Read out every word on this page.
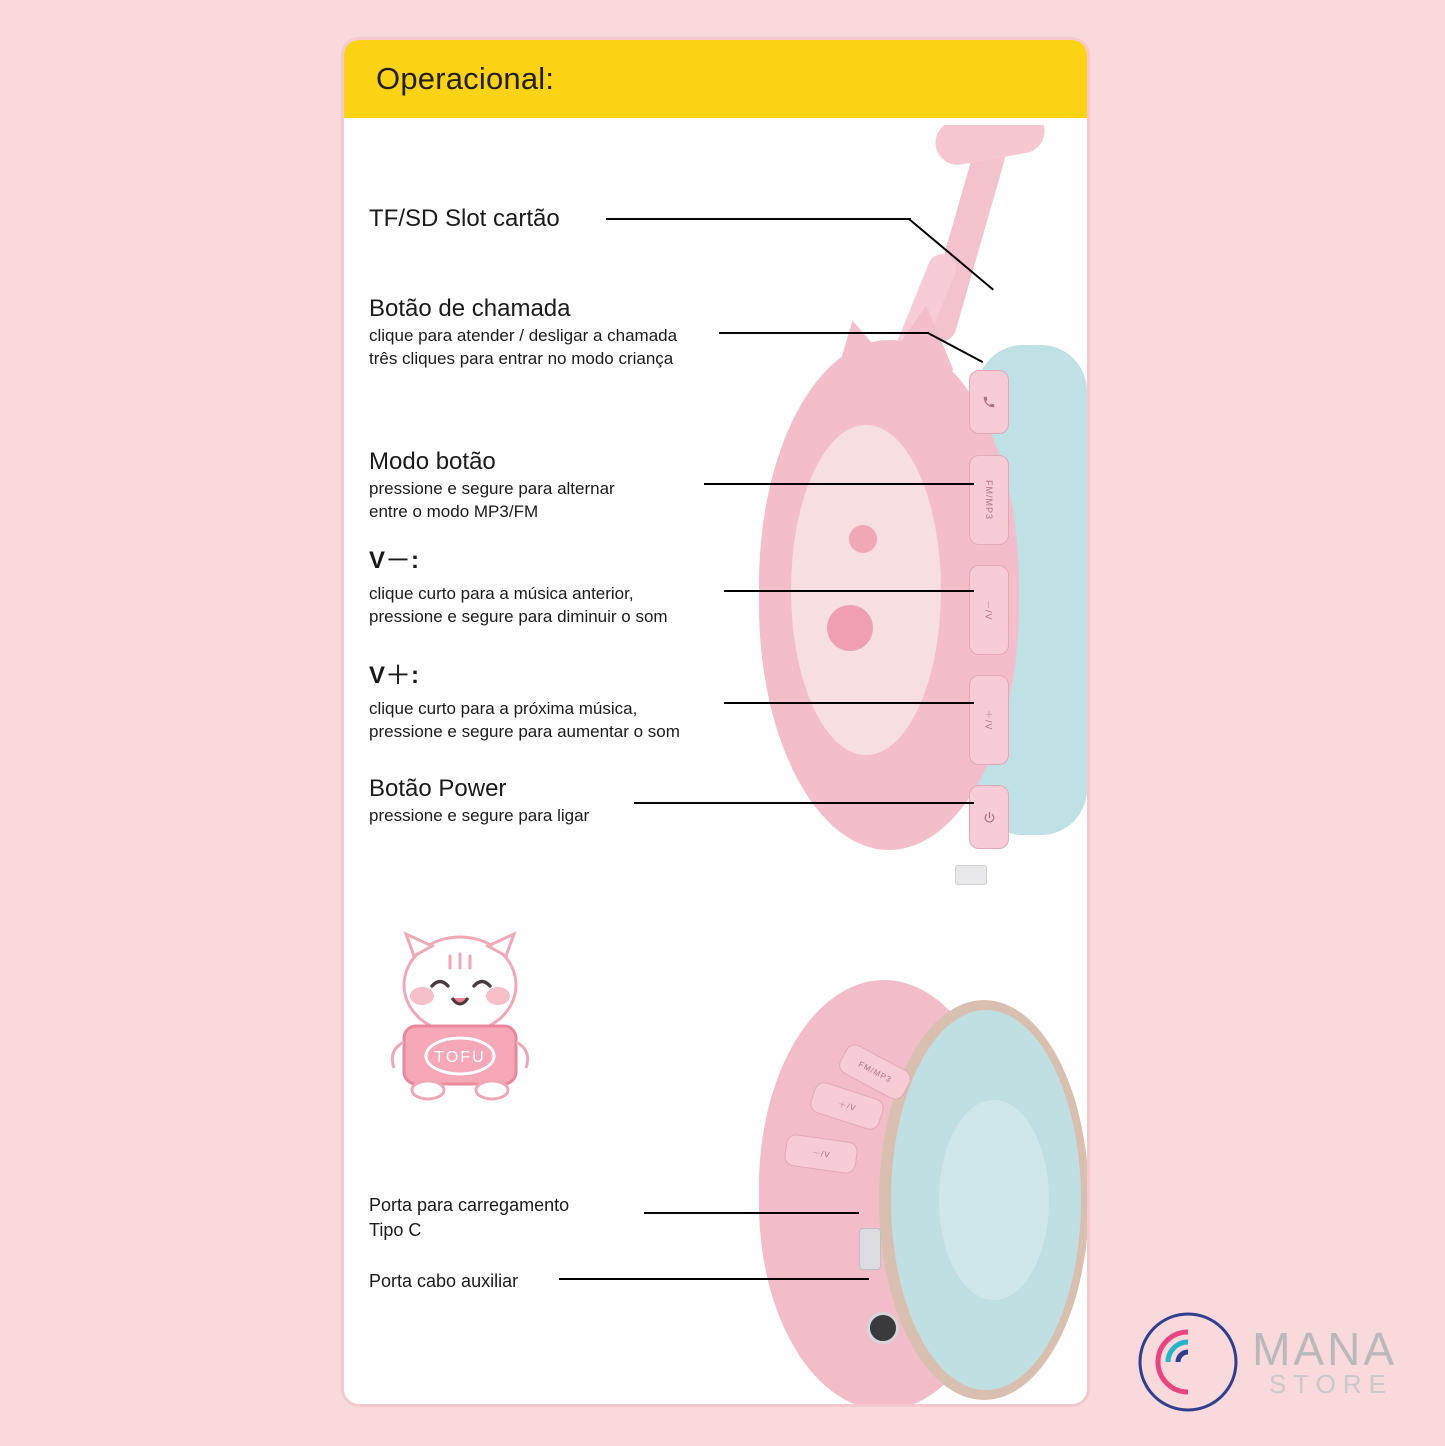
Operacional:
FM/MP3
－/V
＋/V
FM/MP3
＋/V
－/V
TF/SD Slot cartão
Botão de chamada
clique para atender / desligar a chamada
três cliques para entrar no modo criança
Modo botão
pressione e segure para alternar
entre o modo MP3/FM
V－:
clique curto para a música anterior,
pressione e segure para diminuir o som
V＋:
clique curto para a próxima música,
pressione e segure para aumentar o som
Botão Power
pressione e segure para ligar
Porta para carregamento
Tipo C
Porta cabo auxiliar
TOFU
MANA
STORE
